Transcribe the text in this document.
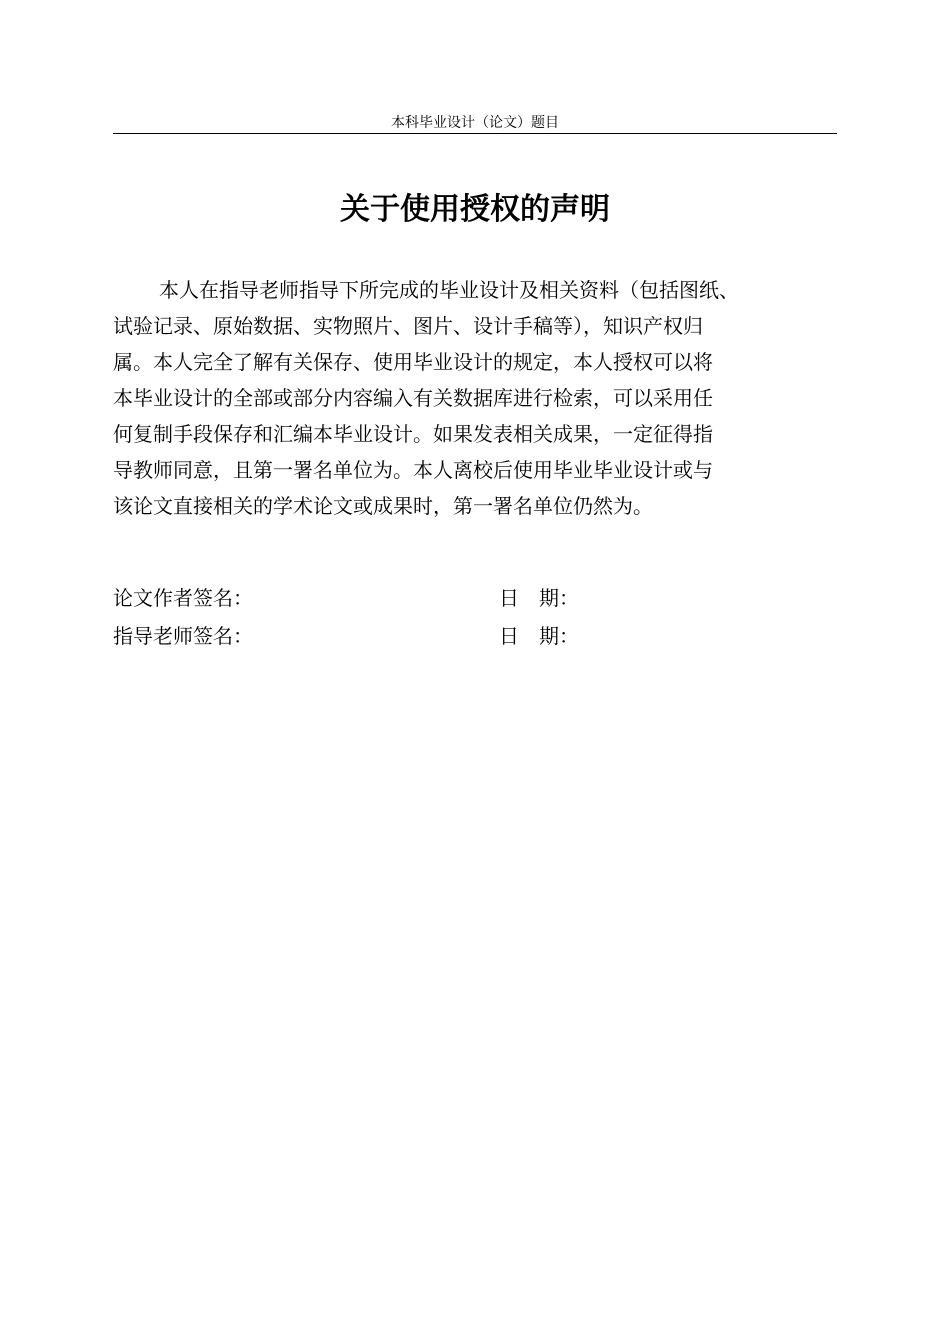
本科毕业设计（论文）题目
关于使用授权的声明
本人在指导老师指导下所完成的毕业设计及相关资料（包括图纸、
试验记录、原始数据、实物照片、图片、设计手稿等），知识产权归
属。本人完全了解有关保存、使用毕业设计的规定，本人授权可以将
本毕业设计的全部或部分内容编入有关数据库进行检索，可以采用任
何复制手段保存和汇编本毕业设计。如果发表相关成果，一定征得指
导教师同意，且第一署名单位为。本人离校后使用毕业毕业设计或与
该论文直接相关的学术论文或成果时，第一署名单位仍然为。
论文作者签名：	日　期：
指导老师签名：	日　期：
